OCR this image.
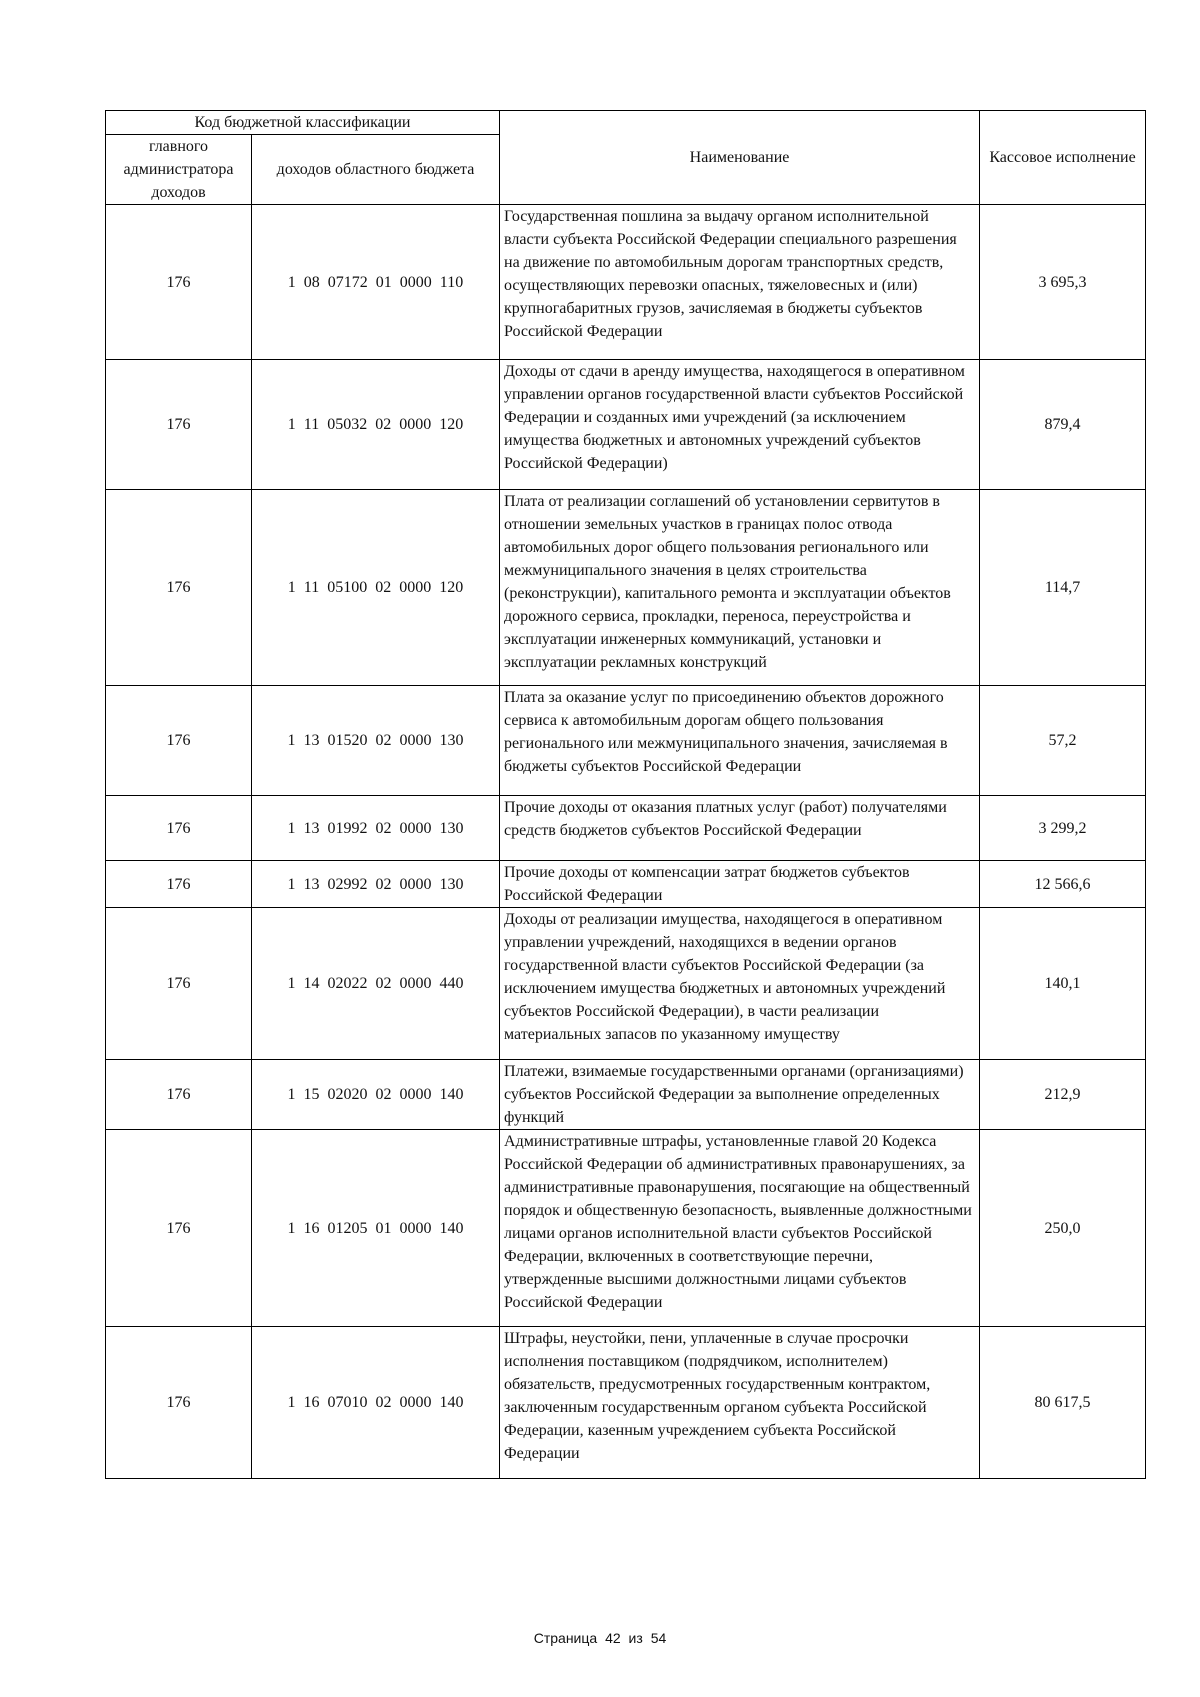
Код бюджетной классификации		Наименование	Кассовое исполнение
главного администратора доходов	доходов областного бюджета		
176	1 08 07172 01 0000 110	Государственная пошлина за выдачу органом исполнительной власти субъекта Российской Федерации специального разрешения на движение по автомобильным дорогам транспортных средств, осуществляющих перевозки опасных, тяжеловесных и (или) крупногабаритных грузов, зачисляемая в бюджеты субъектов Российской Федерации	3 695,3
176	1 11 05032 02 0000 120	Доходы от сдачи в аренду имущества, находящегося в оперативном управлении органов государственной власти субъектов Российской Федерации и созданных ими учреждений (за исключением имущества бюджетных и автономных учреждений субъектов Российской Федерации)	879,4
176	1 11 05100 02 0000 120	Плата от реализации соглашений об установлении сервитутов в отношении земельных участков в границах полос отвода автомобильных дорог общего пользования регионального или межмуниципального значения в целях строительства (реконструкции), капитального ремонта и эксплуатации объектов дорожного сервиса, прокладки, переноса, переустройства и эксплуатации инженерных коммуникаций, установки и эксплуатации рекламных конструкций	114,7
176	1 13 01520 02 0000 130	Плата за оказание услуг по присоединению объектов дорожного сервиса к автомобильным дорогам общего пользования регионального или межмуниципального значения, зачисляемая в бюджеты субъектов Российской Федерации	57,2
176	1 13 01992 02 0000 130	Прочие доходы от оказания платных услуг (работ) получателями средств бюджетов субъектов Российской Федерации	3 299,2
176	1 13 02992 02 0000 130	Прочие доходы от компенсации затрат бюджетов субъектов Российской Федерации	12 566,6
176	1 14 02022 02 0000 440	Доходы от реализации имущества, находящегося в оперативном управлении учреждений, находящихся в ведении органов государственной власти субъектов Российской Федерации (за исключением имущества бюджетных и автономных учреждений субъектов Российской Федерации), в части реализации материальных запасов по указанному имуществу	140,1
176	1 15 02020 02 0000 140	Платежи, взимаемые государственными органами (организациями) субъектов Российской Федерации за выполнение определенных функций	212,9
176	1 16 01205 01 0000 140	Административные штрафы, установленные главой 20 Кодекса Российской Федерации об административных правонарушениях, за административные правонарушения, посягающие на общественный порядок и общественную безопасность, выявленные должностными лицами органов исполнительной власти субъектов Российской Федерации, включенных в соответствующие перечни, утвержденные высшими должностными лицами субъектов Российской Федерации	250,0
176	1 16 07010 02 0000 140	Штрафы, неустойки, пени, уплаченные в случае просрочки исполнения поставщиком (подрядчиком, исполнителем) обязательств, предусмотренных государственным контрактом, заключенным государственным органом субъекта Российской Федерации, казенным учреждением субъекта Российской Федерации	80 617,5
Страница 42 из 54
